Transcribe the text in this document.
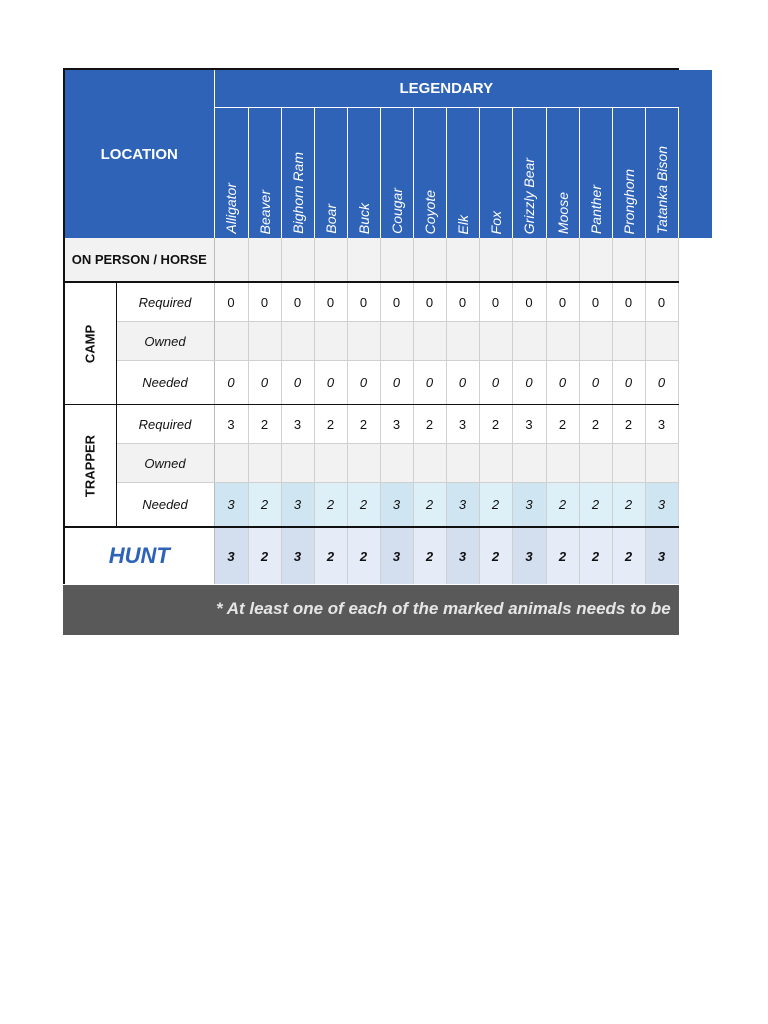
LOCATION		LEGENDARY														

		Alligator	Beaver	Bighorn Ram	Boar	Buck	Cougar	Coyote	Elk	Fox	Grizzly Bear	Moose	Panther	Pronghorn	Tatanka Bison	

ON PERSON / HORSE																

CAMP	Required	0	0	0	0	0	0	0	0	0	0	0	0	0	0	
	Owned															
	Needed	0	0	0	0	0	0	0	0	0	0	0	0	0	0	

TRAPPER	Required	3	2	3	2	2	3	2	3	2	3	2	2	2	3	
	Owned															
	Needed	3	2	3	2	2	3	2	3	2	3	2	2	2	3	
HUNT		3	2	3	2	2	3	2	3	2	3	2	2	2	3	
* At least one of each of the marked animals needs to be
